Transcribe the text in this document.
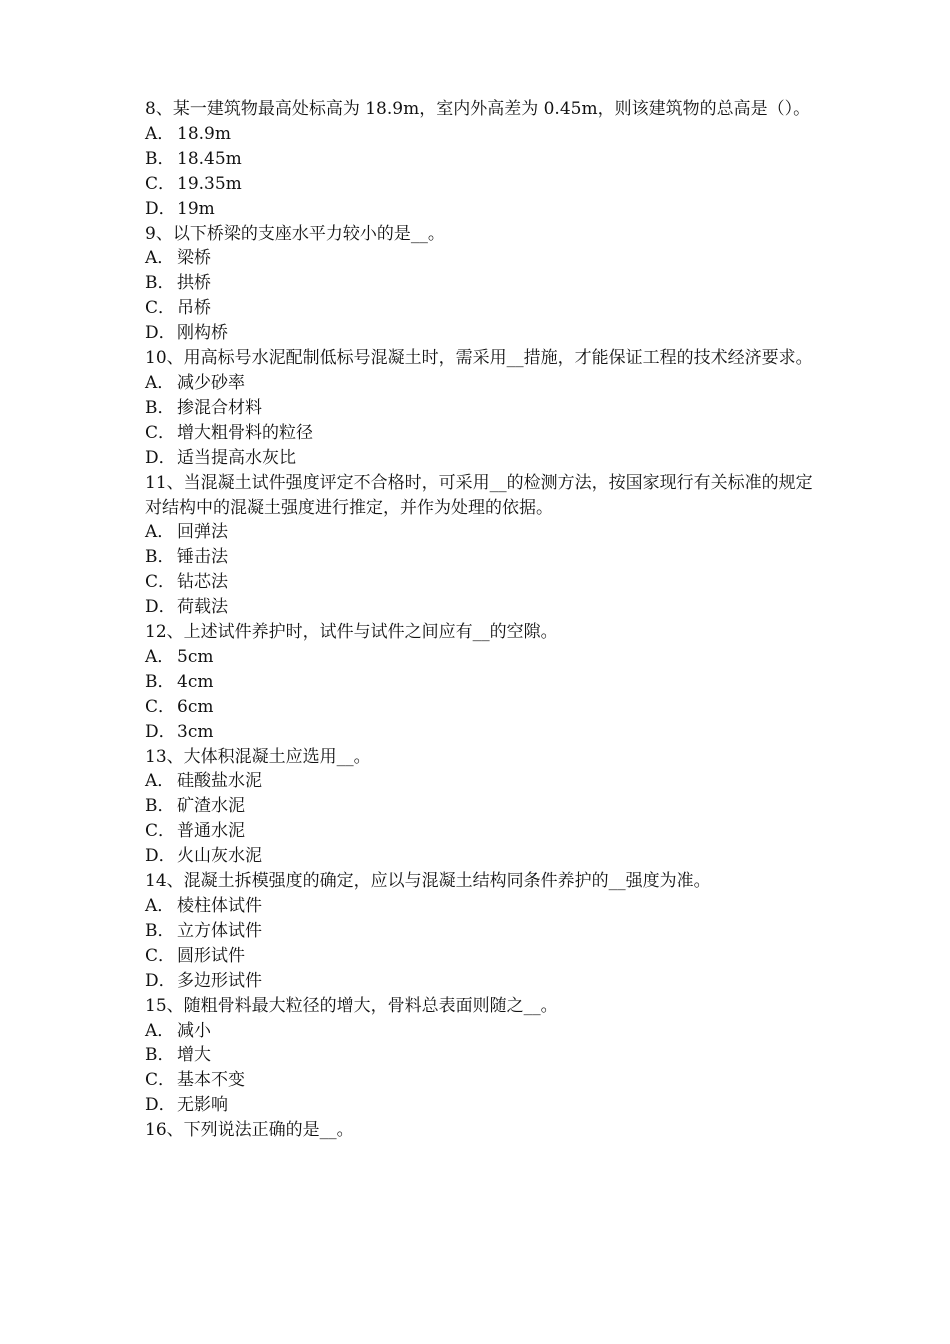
8、某一建筑物最高处标高为 18.9m，室内外高差为 0.45m，则该建筑物的总高是（）。

A． 18.9m
B． 18.45m
C． 19.35m
D．19m

9、以下桥梁的支座水平力较小的是__。

A． 梁桥
B． 拱桥
C． 吊桥
D．刚构桥

10、用高标号水泥配制低标号混凝土时，需采用__措施，才能保证工程的技术经济要求。

A． 减少砂率
B． 掺混合材料
C． 增大粗骨料的粒径
D．适当提高水灰比

11、当混凝土试件强度评定不合格时，可采用__的检测方法，按国家现行有关标准的规定对结构中的混凝土强度进行推定，并作为处理的依据。

A． 回弹法
B． 锤击法
C． 钻芯法
D．荷载法

12、上述试件养护时，试件与试件之间应有__的空隙。

A． 5cm
B． 4cm
C． 6cm
D．3cm

13、大体积混凝土应选用__。

A． 硅酸盐水泥
B． 矿渣水泥
C． 普通水泥
D．火山灰水泥

14、混凝土拆模强度的确定，应以与混凝土结构同条件养护的__强度为准。

A． 棱柱体试件
B． 立方体试件
C． 圆形试件
D．多边形试件

15、随粗骨料最大粒径的增大，骨料总表面则随之__。

A． 减小
B． 增大
C． 基本不变
D．无影响

16、下列说法正确的是__。
